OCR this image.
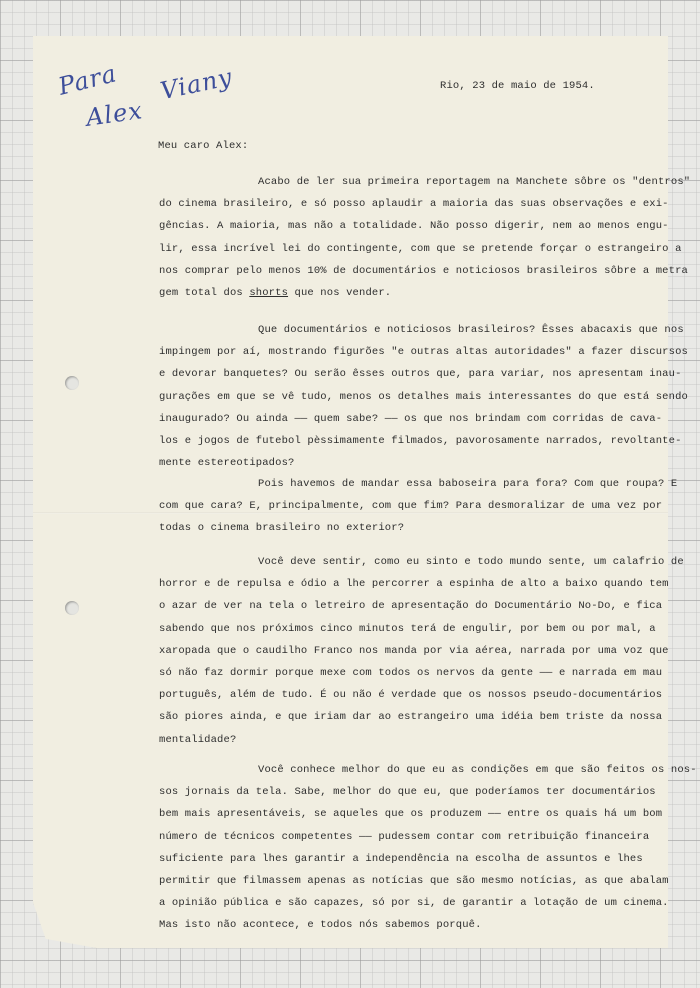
Para
Alex
Viany	Rio, 23 de maio de 1954.
Meu caro Alex:
Acabo de ler sua primeira reportagem na Manchete sôbre os "dentros"
do cinema brasileiro, e só posso aplaudir a maioria das suas observações e exi-
gências. A maioria, mas não a totalidade. Não posso digerir, nem ao menos engu-
lir, essa incrível lei do contingente, com que se pretende forçar o estrangeiro a
nos comprar pelo menos 10% de documentários e noticiosos brasileiros sôbre a metra
gem total dos shorts que nos vender.
Que documentários e noticiosos brasileiros? Êsses abacaxis que nos
impingem por aí, mostrando figurões "e outras altas autoridades" a fazer discursos
e devorar banquetes? Ou serão êsses outros que, para variar, nos apresentam inau-
gurações em que se vê tudo, menos os detalhes mais interessantes do que está sendo
inaugurado? Ou ainda —— quem sabe? —— os que nos brindam com corridas de cava-
los e jogos de futebol pèssimamente filmados, pavorosamente narrados, revoltante-
mente estereotipados?
Pois havemos de mandar essa baboseira para fora? Com que roupa? E
com que cara? E, principalmente, com que fim? Para desmoralizar de uma vez por
todas o cinema brasileiro no exterior?
Você deve sentir, como eu sinto e todo mundo sente, um calafrio de
horror e de repulsa e ódio a lhe percorrer a espinha de alto a baixo quando tem
o azar de ver na tela o letreiro de apresentação do Documentário No-Do, e fica
sabendo que nos próximos cinco minutos terá de engulir, por bem ou por mal, a
xaropada que o caudilho Franco nos manda por via aérea, narrada por uma voz que
só não faz dormir porque mexe com todos os nervos da gente —— e narrada em mau
português, além de tudo. É ou não é verdade que os nossos pseudo-documentários
são piores ainda, e que iriam dar ao estrangeiro uma idéia bem triste da nossa
mentalidade?
Você conhece melhor do que eu as condições em que são feitos os nos-
sos jornais da tela. Sabe, melhor do que eu, que poderíamos ter documentários
bem mais apresentáveis, se aqueles que os produzem —— entre os quais há um bom
número de técnicos competentes —— pudessem contar com retribuição financeira
suficiente para lhes garantir a independência na escolha de assuntos e lhes
permitir que filmassem apenas as notícias que são mesmo notícias, as que abalam
a opinião pública e são capazes, só por si, de garantir a lotação de um cinema.
Mas isto não acontece, e todos nós sabemos porquê.
